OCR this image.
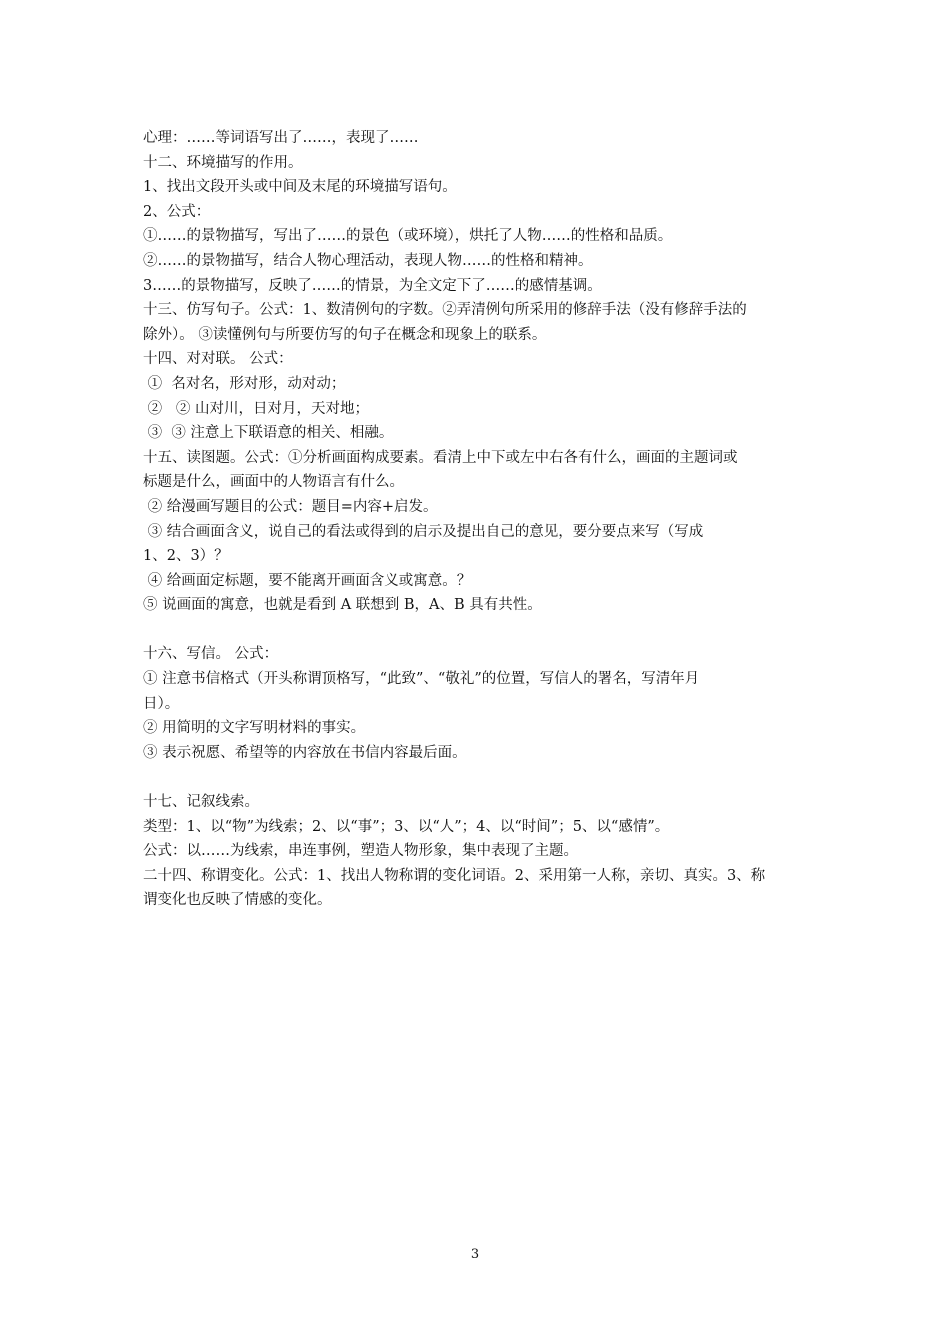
心理：……等词语写出了……，表现了……
十二、环境描写的作用。
1、找出文段开头或中间及末尾的环境描写语句。
2、公式：
①……的景物描写，写出了……的景色（或环境），烘托了人物……的性格和品质。
②……的景物描写，结合人物心理活动，表现人物……的性格和精神。
3……的景物描写，反映了……的情景，为全文定下了……的感情基调。
十三、仿写句子。公式：1、数清例句的字数。②弄清例句所采用的修辞手法（没有修辞手法的
除外）。 ③读懂例句与所要仿写的句子在概念和现象上的联系。
十四、对对联。 公式：
①  名对名，形对形，动对动；
②   ② 山对川，日对月，天对地；
③  ③ 注意上下联语意的相关、相融。
十五、读图题。公式：①分析画面构成要素。看清上中下或左中右各有什么，画面的主题词或
标题是什么，画面中的人物语言有什么。
② 给漫画写题目的公式：题目=内容+启发。
③ 结合画面含义，说自己的看法或得到的启示及提出自己的意见，要分要点来写（写成
1、2、3）？
④ 给画面定标题，要不能离开画面含义或寓意。？
⑤ 说画面的寓意，也就是看到 A 联想到 B，A、B 具有共性。
十六、写信。 公式：
① 注意书信格式（开头称谓顶格写，“此致”、“敬礼”的位置，写信人的署名，写清年月
日）。
② 用简明的文字写明材料的事实。
③ 表示祝愿、希望等的内容放在书信内容最后面。
十七、记叙线索。
类型：1、以“物”为线索；2、以“事”；3、以“人”；4、以“时间”；5、以“感情”。
公式：以……为线索，串连事例，塑造人物形象，集中表现了主题。
二十四、称谓变化。公式：1、找出人物称谓的变化词语。2、采用第一人称，亲切、真实。3、称
谓变化也反映了情感的变化。
3
